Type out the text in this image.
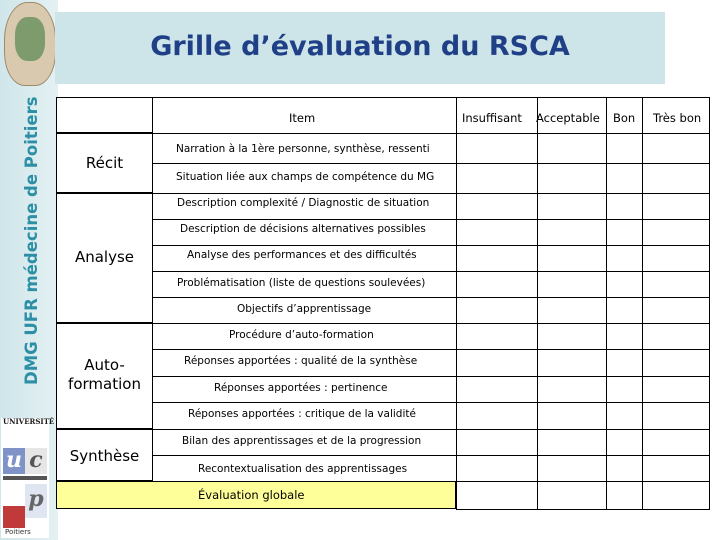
DMG UFR médecine de Poitiers
UNIVERSITÉ
u c
p
Poitiers
Grille d’évaluation du RSCA
Item	Insuffisant Acceptable Bon Très bon
Récit
Analyse
Auto-
formation
Synthèse
Narration à la 1ère personne, synthèse, ressenti
Situation liée aux champs de compétence du MG
Description complexité / Diagnostic de situation
Description de décisions alternatives possibles
Analyse des performances et des difficultés
Problématisation (liste de questions soulevées)
Objectifs d’apprentissage
Procédure d’auto-formation
Réponses apportées : qualité de la synthèse
Réponses apportées : pertinence
Réponses apportées : critique de la validité
Bilan des apprentissages et de la progression
Recontextualisation des apprentissages
Évaluation globale
